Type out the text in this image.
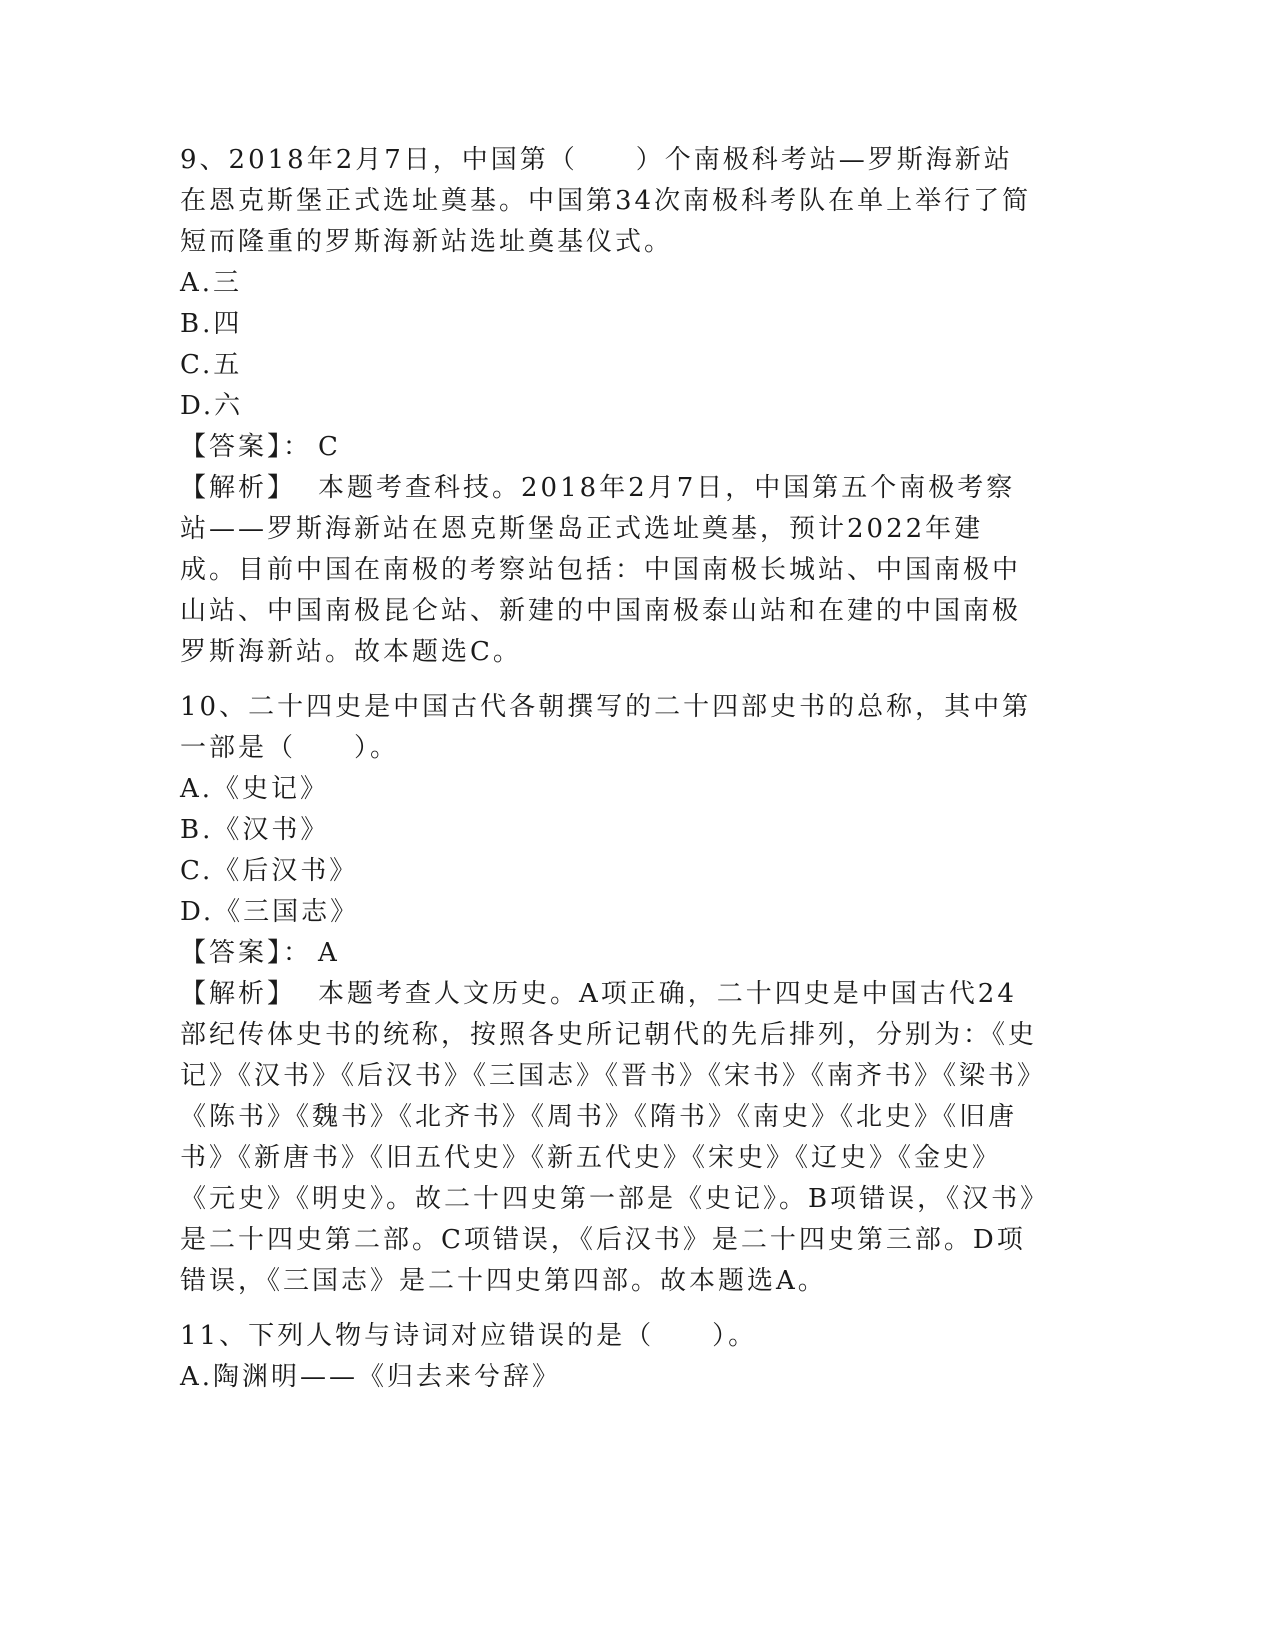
9、2018年2月7日，中国第（　　）个南极科考站—罗斯海新站在恩克斯堡正式选址奠基。中国第34次南极科考队在单上举行了简短而隆重的罗斯海新站选址奠基仪式。

A.三

B.四

C.五

D.六

【答案】： C

【解析】 本题考查科技。2018年2月7日，中国第五个南极考察站——罗斯海新站在恩克斯堡岛正式选址奠基，预计2022年建成。目前中国在南极的考察站包括：中国南极长城站、中国南极中山站、中国南极昆仑站、新建的中国南极泰山站和在建的中国南极罗斯海新站。故本题选C。

10、二十四史是中国古代各朝撰写的二十四部史书的总称，其中第一部是（　　）。

A.《史记》

B.《汉书》

C.《后汉书》

D.《三国志》

【答案】： A

【解析】 本题考查人文历史。A项正确，二十四史是中国古代24部纪传体史书的统称，按照各史所记朝代的先后排列，分别为：《史记》《汉书》《后汉书》《三国志》《晋书》《宋书》《南齐书》《梁书》《陈书》《魏书》《北齐书》《周书》《隋书》《南史》《北史》《旧唐书》《新唐书》《旧五代史》《新五代史》《宋史》《辽史》《金史》《元史》《明史》。故二十四史第一部是《史记》。B项错误，《汉书》是二十四史第二部。C项错误，《后汉书》是二十四史第三部。D项错误，《三国志》是二十四史第四部。故本题选A。

11、下列人物与诗词对应错误的是（　　）。

A.陶渊明——《归去来兮辞》
